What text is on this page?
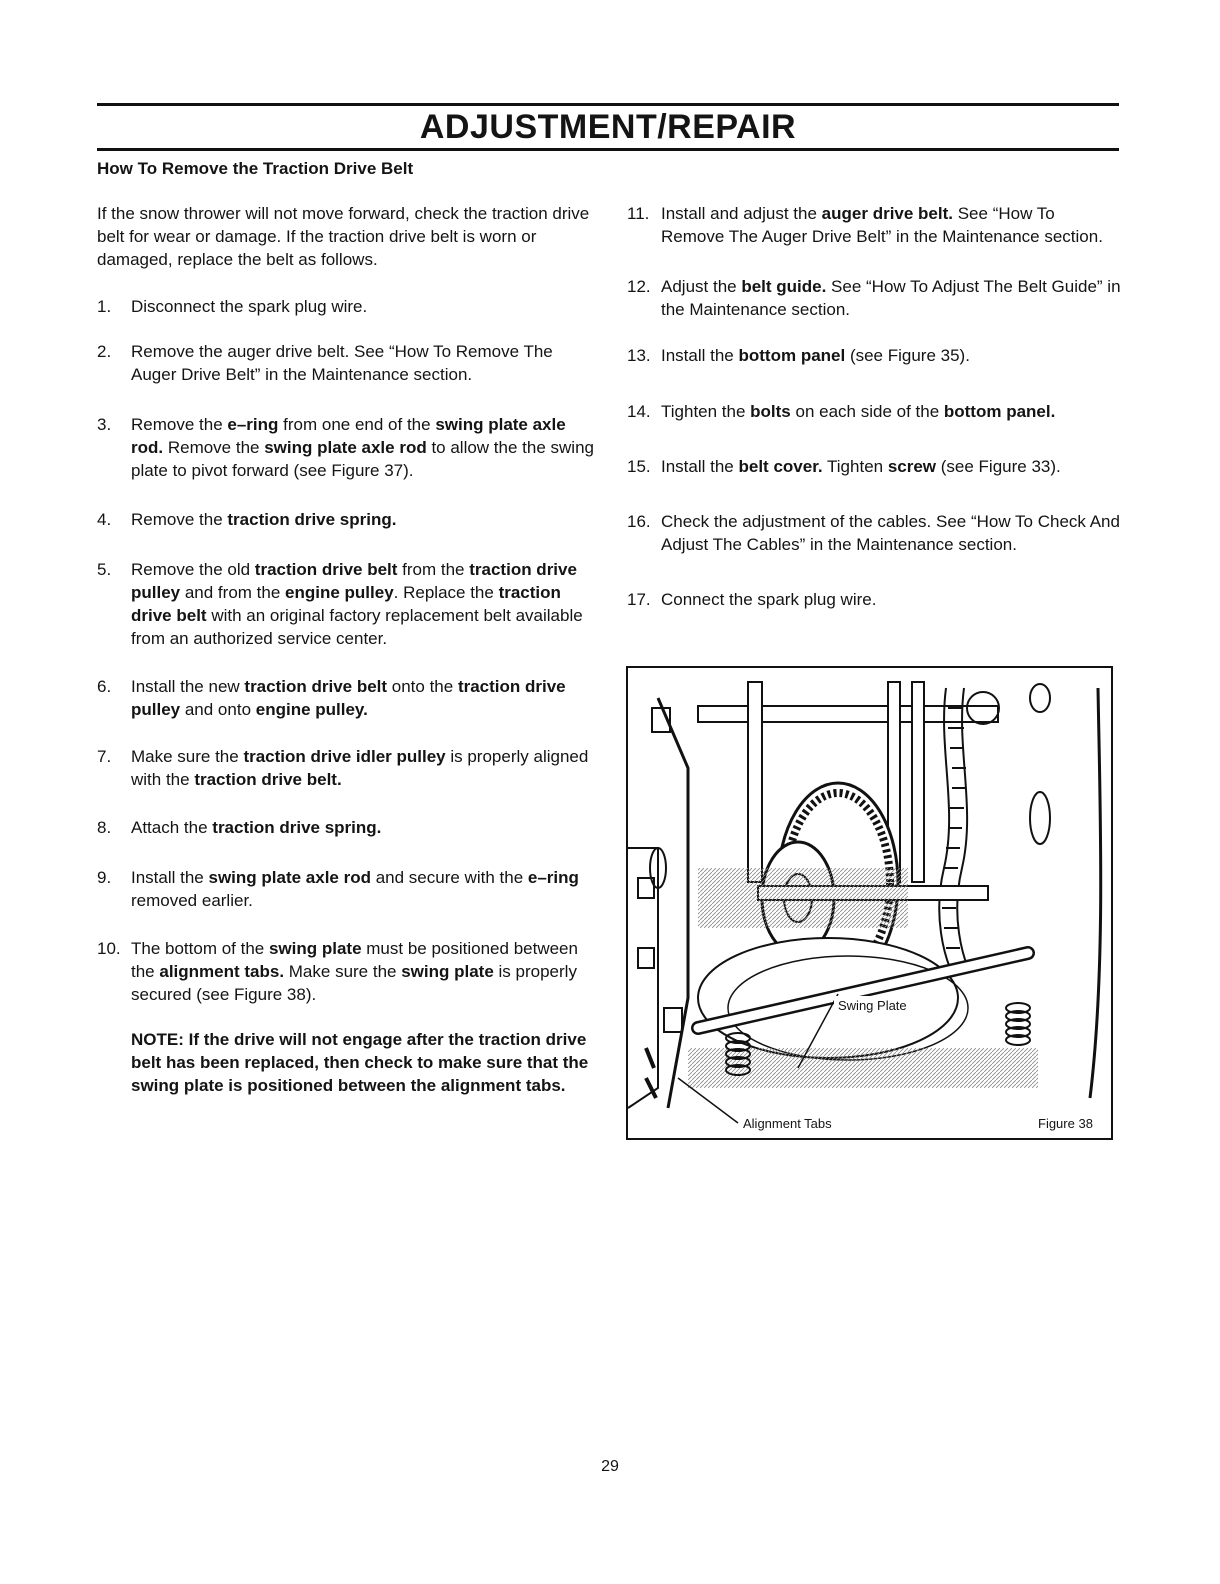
ADJUSTMENT/REPAIR
How To Remove the Traction Drive Belt

If the snow thrower will not move forward, check the traction drive belt for wear or damage. If the traction drive belt is worn or damaged, replace the belt as follows.

1. Disconnect the spark plug wire.

2. Remove the auger drive belt. See “How To Remove The Auger Drive Belt” in the Maintenance section.

3. Remove the e–ring from one end of the swing plate axle rod. Remove the swing plate axle rod to allow the the swing plate to pivot forward (see Figure 37).

4. Remove the traction drive spring.

5. Remove the old traction drive belt from the traction drive pulley and from the engine pulley. Replace the traction drive belt with an original factory replacement belt available from an authorized service center.

6. Install the new traction drive belt onto the traction drive pulley and onto engine pulley.

7. Make sure the traction drive idler pulley is properly aligned with the traction drive belt.

8. Attach the traction drive spring.

9. Install the swing plate axle rod and secure with the e–ring removed earlier.

10. The bottom of the swing plate must be positioned between the alignment tabs. Make sure the swing plate is properly secured (see Figure 38).

NOTE: If the drive will not engage after the traction drive belt has been replaced, then check to make sure that the swing plate is positioned between the alignment tabs.

11. Install and adjust the auger drive belt. See “How To Remove The Auger Drive Belt” in the Maintenance section.

12. Adjust the belt guide. See “How To Adjust The Belt Guide” in the Maintenance section.

13. Install the bottom panel (see Figure 35).

14. Tighten the bolts on each side of the bottom panel.

15. Install the belt cover. Tighten screw (see Figure 33).

16. Check the adjustment of the cables. See “How To Check And Adjust The Cables” in the Maintenance section.

17. Connect the spark plug wire.

Swing Plate
Alignment Tabs	Figure 38
29
